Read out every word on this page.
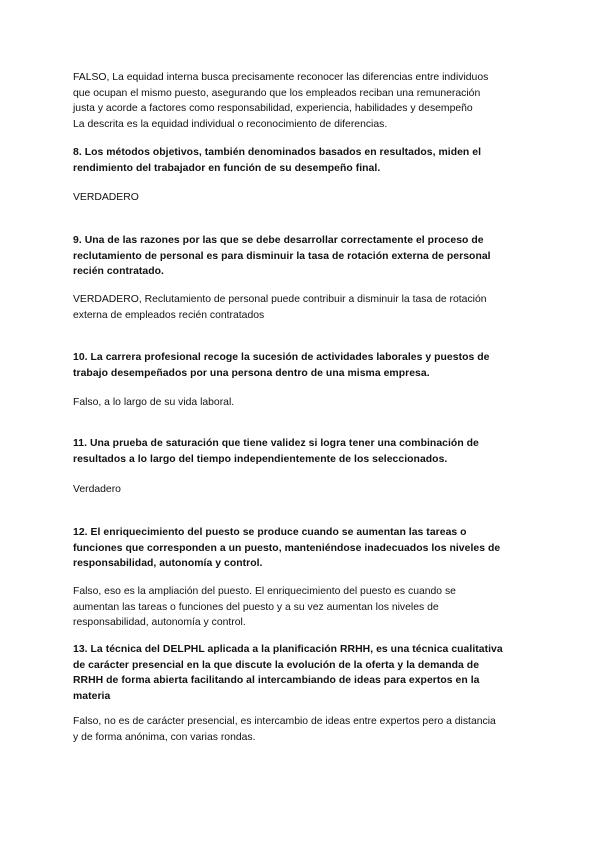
FALSO, La equidad interna busca precisamente reconocer las diferencias entre individuos
que ocupan el mismo puesto, asegurando que los empleados reciban una remuneración
justa y acorde a factores como responsabilidad, experiencia, habilidades y desempeño
La descrita es la equidad individual o reconocimiento de diferencias.

8. Los métodos objetivos, también denominados basados en resultados, miden el
rendimiento del trabajador en función de su desempeño final.

VERDADERO

9. Una de las razones por las que se debe desarrollar correctamente el proceso de
reclutamiento de personal es para disminuir la tasa de rotación externa de personal
recién contratado.

VERDADERO, Reclutamiento de personal puede contribuir a disminuir la tasa de rotación
externa de empleados recién contratados

10. La carrera profesional recoge la sucesión de actividades laborales y puestos de
trabajo desempeñados por una persona dentro de una misma empresa.

Falso, a lo largo de su vida laboral.

11. Una prueba de saturación que tiene validez si logra tener una combinación de
resultados a lo largo del tiempo independientemente de los seleccionados.

Verdadero

12. El enriquecimiento del puesto se produce cuando se aumentan las tareas o
funciones que corresponden a un puesto, manteniéndose inadecuados los niveles de
responsabilidad, autonomía y control.

Falso, eso es la ampliación del puesto. El enriquecimiento del puesto es cuando se
aumentan las tareas o funciones del puesto y a su vez aumentan los niveles de
responsabilidad, autonomía y control.

13. La técnica del DELPHL aplicada a la planificación RRHH, es una técnica cualitativa
de carácter presencial en la que discute la evolución de la oferta y la demanda de
RRHH de forma abierta facilitando al intercambiando de ideas para expertos en la
materia

Falso, no es de carácter presencial, es intercambio de ideas entre expertos pero a distancia
y de forma anónima, con varias rondas.
